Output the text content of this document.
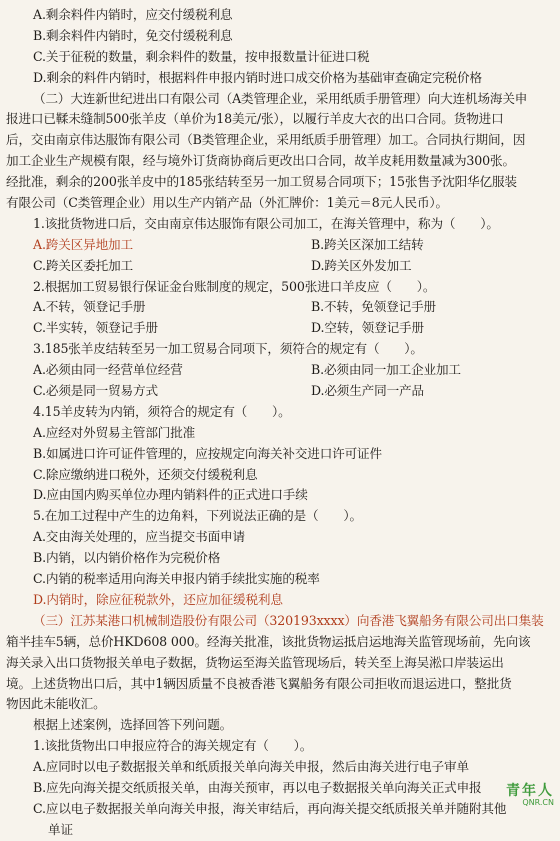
A.剩余料件内销时，应交付缓税利息
B.剩余料件内销时，免交付缓税利息
C.关于征税的数量，剩余料件的数量，按申报数量计征进口税
D.剩余的料件内销时，根据料件申报内销时进口成交价格为基础审查确定完税价格
（二）大连新世纪进出口有限公司（A类管理企业，采用纸质手册管理）向大连机场海关申
报进口已鞣未缝制500张羊皮（单价为18美元/张），以履行羊皮大衣的出口合同。货物进口
后，交由南京伟达服饰有限公司（B类管理企业，采用纸质手册管理）加工。合同执行期间，因
加工企业生产规模有限，经与境外订货商协商后更改出口合同，故羊皮耗用数量减为300张。
经批准，剩余的200张羊皮中的185张结转至另一加工贸易合同项下；15张售予沈阳华亿服装
有限公司（C类管理企业）用以生产内销产品（外汇牌价：1美元＝8元人民币）。
1.该批货物进口后，交由南京伟达服饰有限公司加工，在海关管理中，称为（　　）。
A.跨关区异地加工	B.跨关区深加工结转
C.跨关区委托加工	D.跨关区外发加工
2.根据加工贸易银行保证金台账制度的规定，500张进口羊皮应（　　）。
A.不转，领登记手册	B.不转，免领登记手册
C.半实转，领登记手册	D.空转，领登记手册
3.185张羊皮结转至另一加工贸易合同项下，须符合的规定有（　　）。
A.必须由同一经营单位经营	B.必须由同一加工企业加工
C.必须是同一贸易方式	D.必须生产同一产品
4.15羊皮转为内销，须符合的规定有（　　）。
A.应经对外贸易主管部门批准
B.如属进口许可证件管理的，应按规定向海关补交进口许可证件
C.除应缴纳进口税外，还须交付缓税利息
D.应由国内购买单位办理内销料件的正式进口手续
5.在加工过程中产生的边角料，下列说法正确的是（　　）。
A.交由海关处理的，应当提交书面申请
B.内销，以内销价格作为完税价格
C.内销的税率适用向海关申报内销手续批实施的税率
D.内销时，除应征税款外，还应加征缓税利息
（三）江苏某港口机械制造股份有限公司（320193xxxx）向香港飞翼船务有限公司出口集装
箱半挂车5辆，总价HKD608 000。经海关批准，该批货物运抵启运地海关监管现场前，先向该
海关录入出口货物报关单电子数据，货物运至海关监管现场后，转关至上海吴淞口岸装运出
境。上述货物出口后，其中1辆因质量不良被香港飞翼船务有限公司拒收而退运进口，整批货
物因此未能收汇。
根据上述案例，选择回答下列问题。
1.该批货物出口申报应符合的海关规定有（　　）。
A.应同时以电子数据报关单和纸质报关单向海关申报，然后由海关进行电子审单
B.应先向海关提交纸质报关单，由海关预审，再以电子数据报关单向海关正式申报
C.应以电子数据报关单向海关申报，海关审结后，再向海关提交纸质报关单并随附其他
单证
青年人
QNR.CN
